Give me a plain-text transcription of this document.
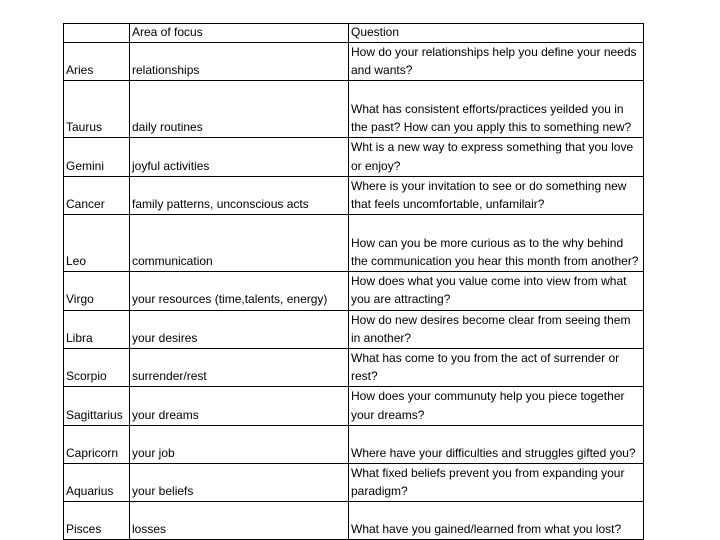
	Area of focus	Question
Aries	relationships	How do your relationships help you define your needs and wants?
Taurus	daily routines	What has consistent efforts/practices yeilded you in the past? How can you apply this to something new?
Gemini	joyful activities	Wht is a new way to express something that you love or enjoy?
Cancer	family patterns, unconscious acts	Where is your invitation to see or do something new that feels uncomfortable, unfamilair?
Leo	communication	How can you be more curious as to the why behind the communication you hear this month from another?
Virgo	your resources (time,talents, energy)	How does what you value come into view from what you are attracting?
Libra	your desires	How do new desires become clear from seeing them in another?
Scorpio	surrender/rest	What has come to you from the act of surrender or rest?
Sagittarius	your dreams	How does your communuty help you piece together your dreams?
Capricorn	your job	Where have your difficulties and struggles gifted you?
Aquarius	your beliefs	What fixed beliefs prevent you from expanding your paradigm?
Pisces	losses	What have you gained/learned from what you lost?
